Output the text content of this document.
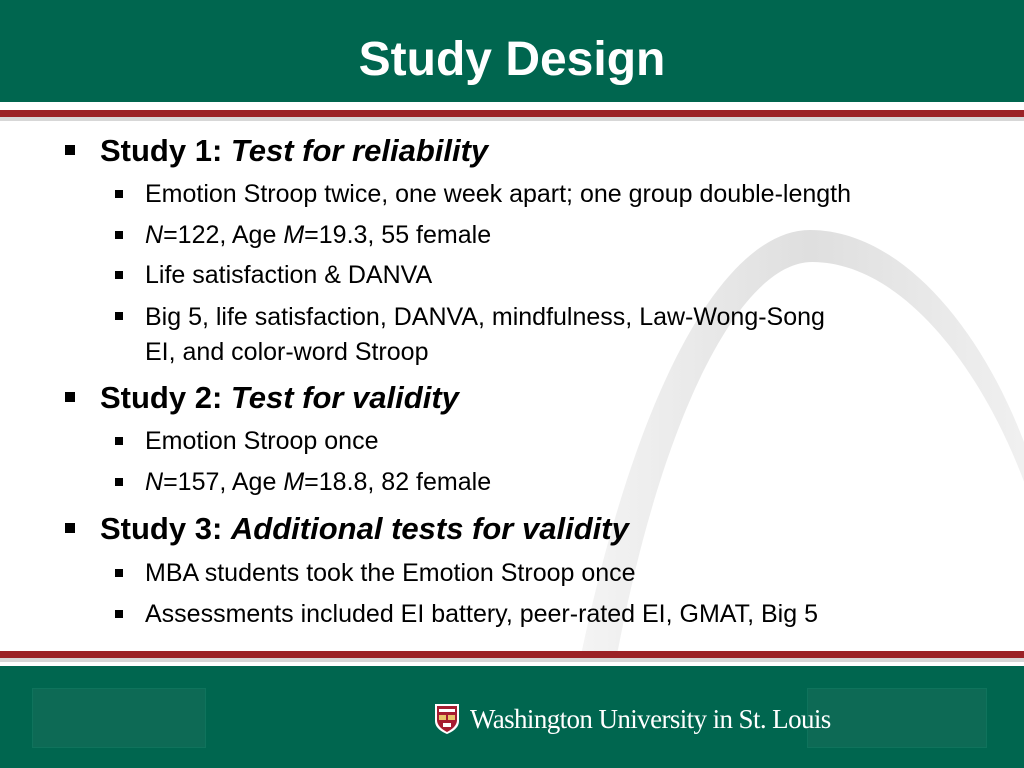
Study Design
Study 1: Test for reliability
Emotion Stroop twice, one week apart; one group double-length
N=122, Age M=19.3, 55 female
Life satisfaction & DANVA
Big 5, life satisfaction, DANVA, mindfulness, Law-Wong-Song
EI, and color-word Stroop
Study 2: Test for validity
Emotion Stroop once
N=157, Age M=18.8, 82 female
Study 3: Additional tests for validity
MBA students took the Emotion Stroop once
Assessments included EI battery, peer-rated EI, GMAT, Big 5
Washington University in St. Louis
